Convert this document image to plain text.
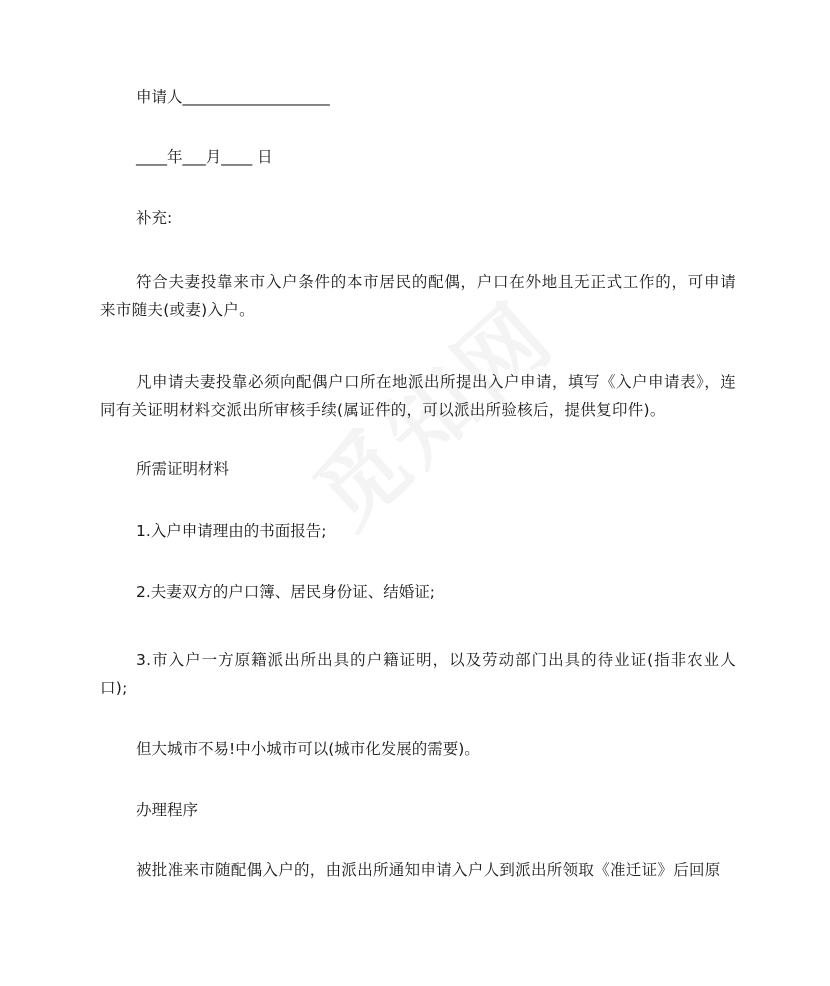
申请人___________________
____年___月____ 日
补充:
符合夫妻投靠来市入户条件的本市居民的配偶，户口在外地且无正式工作的，可申请来市随夫(或妻)入户。
凡申请夫妻投靠必须向配偶户口所在地派出所提出入户申请，填写《入户申请表》，连同有关证明材料交派出所审核手续(属证件的，可以派出所验核后，提供复印件)。
所需证明材料
1.入户申请理由的书面报告;
2.夫妻双方的户口簿、居民身份证、结婚证;
3.市入户一方原籍派出所出具的户籍证明，以及劳动部门出具的待业证(指非农业人口);
但大城市不易!中小城市可以(城市化发展的需要)。
办理程序
被批准来市随配偶入户的，由派出所通知申请入户人到派出所领取《准迁证》后回原
